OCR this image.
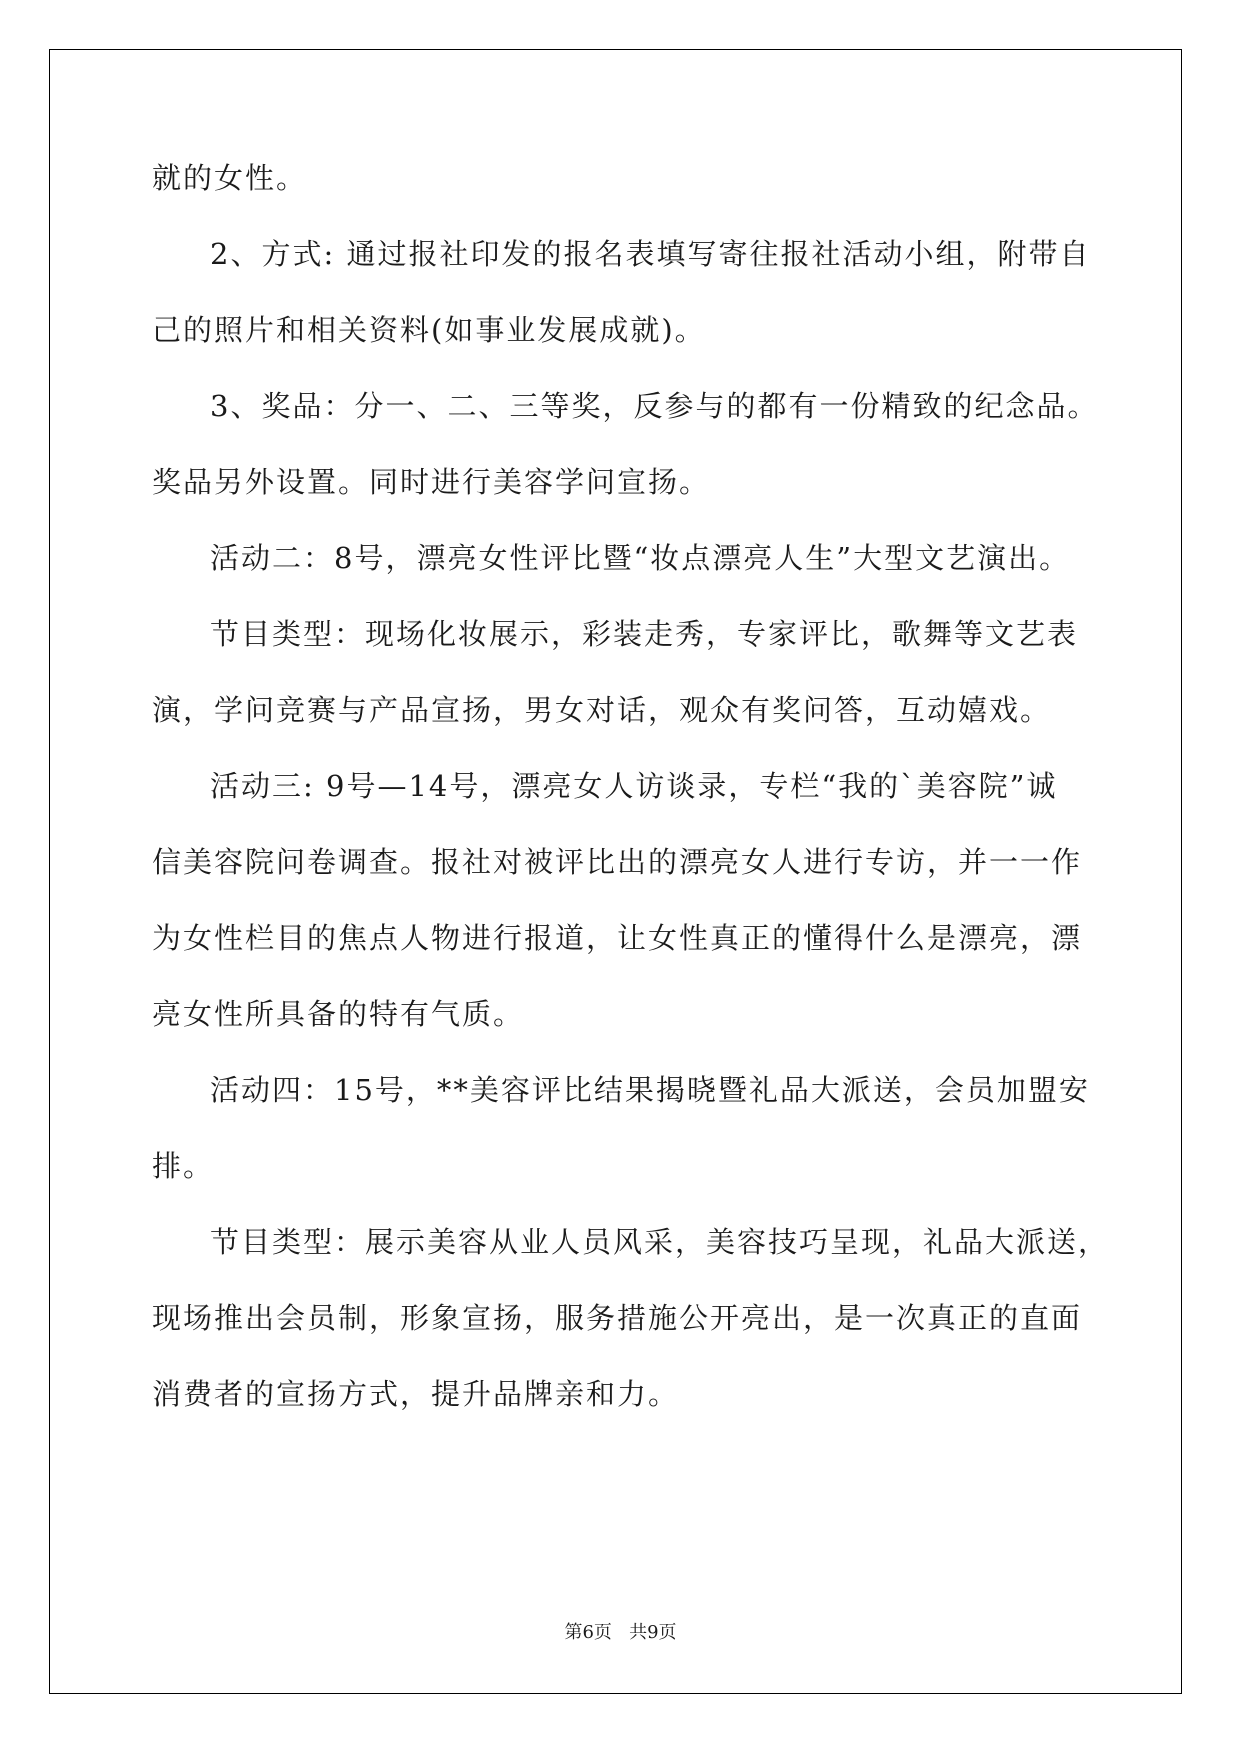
就的女性。
2、方式: 通过报社印发的报名表填写寄往报社活动小组，附带自
己的照片和相关资料(如事业发展成就)。
3、奖品：分一、二、三等奖，反参与的都有一份精致的纪念品。
奖品另外设置。同时进行美容学问宣扬。
活动二：8号，漂亮女性评比暨“妆点漂亮人生”大型文艺演出。
节目类型：现场化妆展示，彩装走秀，专家评比，歌舞等文艺表
演，学问竞赛与产品宣扬，男女对话，观众有奖问答，互动嬉戏。
活动三: 9号—14号，漂亮女人访谈录，专栏“我的`美容院”诚
信美容院问卷调查。报社对被评比出的漂亮女人进行专访，并一一作
为女性栏目的焦点人物进行报道，让女性真正的懂得什么是漂亮，漂
亮女性所具备的特有气质。
活动四：15号，**美容评比结果揭晓暨礼品大派送，会员加盟安
排。
节目类型：展示美容从业人员风采，美容技巧呈现，礼品大派送，
现场推出会员制，形象宣扬，服务措施公开亮出，是一次真正的直面
消费者的宣扬方式，提升品牌亲和力。
第6页   共9页
